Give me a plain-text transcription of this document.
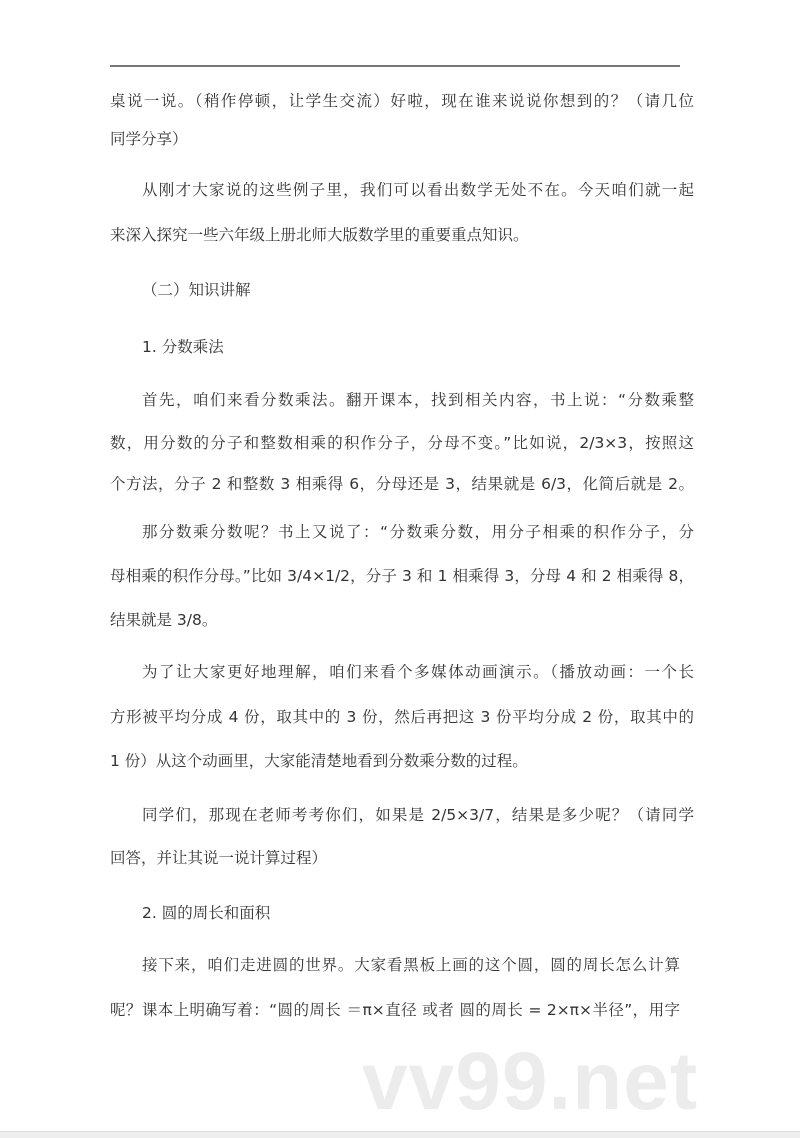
桌说一说。（稍作停顿，让学生交流）好啦，现在谁来说说你想到的？（请几位
同学分享）
从刚才大家说的这些例子里，我们可以看出数学无处不在。今天咱们就一起
来深入探究一些六年级上册北师大版数学里的重要重点知识。
（二）知识讲解
1. 分数乘法
首先，咱们来看分数乘法。翻开课本，找到相关内容，书上说：“分数乘整
数，用分数的分子和整数相乘的积作分子，分母不变。”比如说，2/3×3，按照这
个方法，分子 2 和整数 3 相乘得 6，分母还是 3，结果就是 6/3，化简后就是 2。
那分数乘分数呢？书上又说了：“分数乘分数，用分子相乘的积作分子，分
母相乘的积作分母。”比如 3/4×1/2，分子 3 和 1 相乘得 3，分母 4 和 2 相乘得 8，
结果就是 3/8。
为了让大家更好地理解，咱们来看个多媒体动画演示。（播放动画：一个长
方形被平均分成 4 份，取其中的 3 份，然后再把这 3 份平均分成 2 份，取其中的
1 份）从这个动画里，大家能清楚地看到分数乘分数的过程。
同学们，那现在老师考考你们，如果是 2/5×3/7，结果是多少呢？（请同学
回答，并让其说一说计算过程）
2. 圆的周长和面积
接下来，咱们走进圆的世界。大家看黑板上画的这个圆，圆的周长怎么计算
呢？课本上明确写着：“圆的周长 ＝π×直径 或者 圆的周长 = 2×π×半径”，用字
vv99.net
